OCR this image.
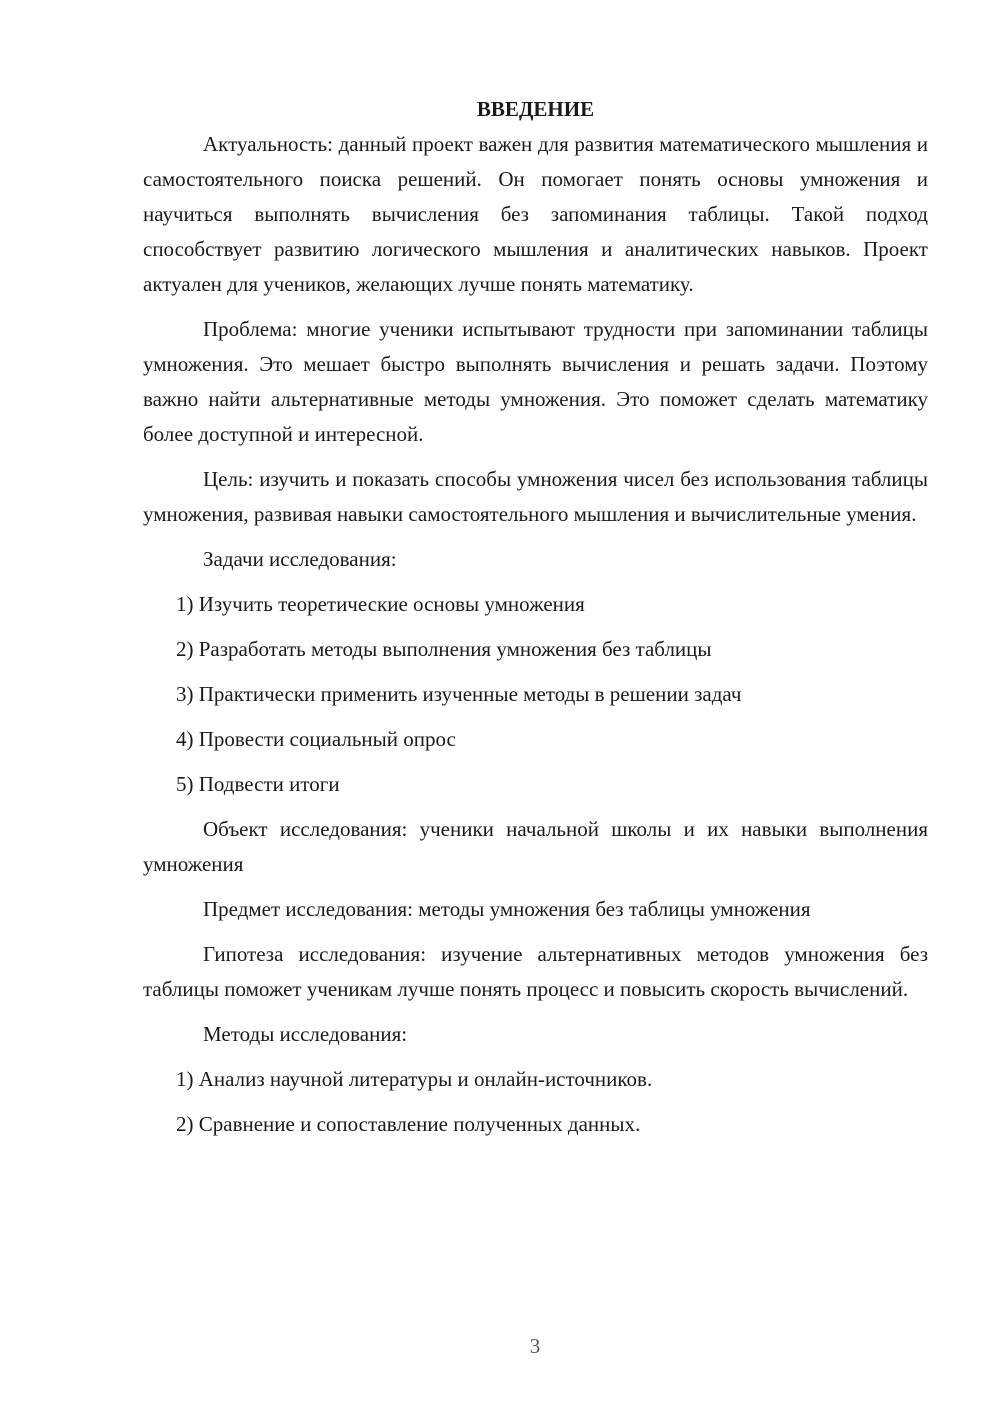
ВВЕДЕНИЕ

Актуальность: данный проект важен для развития математического мышления и самостоятельного поиска решений. Он помогает понять основы умножения и научиться выполнять вычисления без запоминания таблицы. Такой подход способствует развитию логического мышления и аналитических навыков. Проект актуален для учеников, желающих лучше понять математику.

Проблема: многие ученики испытывают трудности при запоминании таблицы умножения. Это мешает быстро выполнять вычисления и решать задачи. Поэтому важно найти альтернативные методы умножения. Это поможет сделать математику более доступной и интересной.

Цель: изучить и показать способы умножения чисел без использования таблицы умножения, развивая навыки самостоятельного мышления и вычислительные умения.

Задачи исследования:

1) Изучить теоретические основы умножения

2) Разработать методы выполнения умножения без таблицы

3) Практически применить изученные методы в решении задач

4) Провести социальный опрос

5) Подвести итоги

Объект исследования: ученики начальной школы и их навыки выполнения умножения

Предмет исследования: методы умножения без таблицы умножения

Гипотеза исследования: изучение альтернативных методов умножения без таблицы поможет ученикам лучше понять процесс и повысить скорость вычислений.

Методы исследования:

1) Анализ научной литературы и онлайн-источников.

2) Сравнение и сопоставление полученных данных.

3
